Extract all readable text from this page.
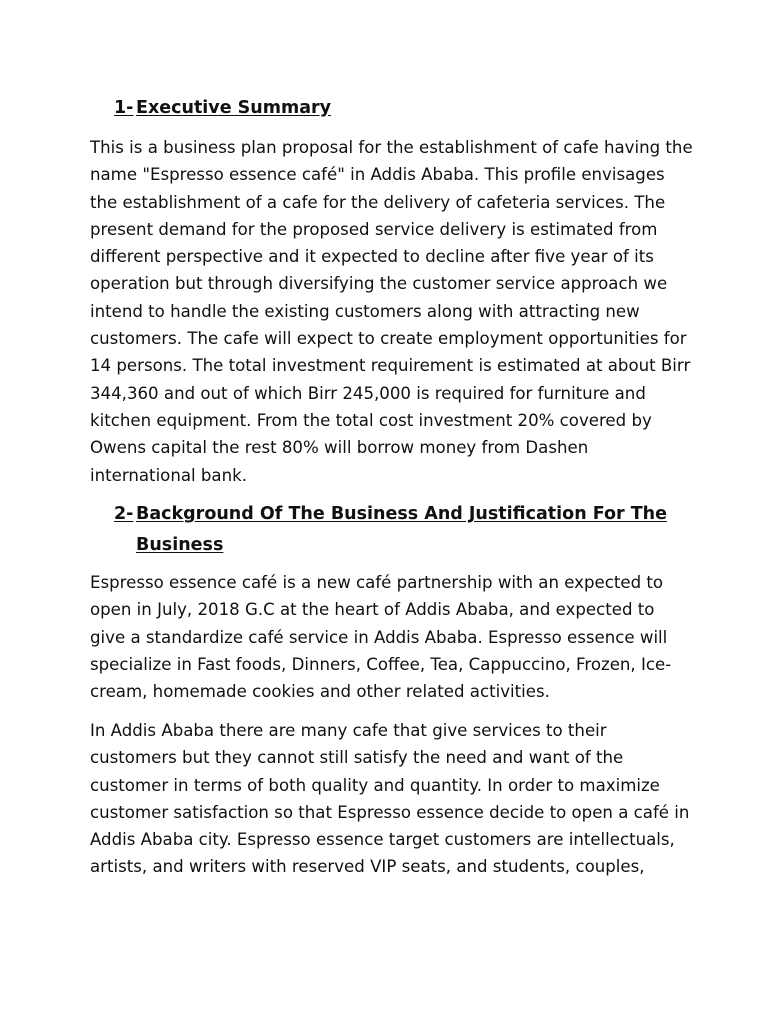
1- Executive Summary
This is a business plan proposal for the establishment of cafe having the
name "Espresso essence café" in Addis Ababa. This profile envisages
the establishment of a cafe for the delivery of cafeteria services. The
present demand for the proposed service delivery is estimated from
different perspective and it expected to decline after five year of its
operation but through diversifying the customer service approach we
intend to handle the existing customers along with attracting new
customers. The cafe will expect to create employment opportunities for
14 persons. The total investment requirement is estimated at about Birr
344,360 and out of which Birr 245,000 is required for furniture and
kitchen equipment. From the total cost investment 20% covered by
Owens capital the rest 80% will borrow money from Dashen
international bank.
2- Background Of The Business And Justification For The
Business
Espresso essence café is a new café partnership with an expected to
open in July, 2018 G.C at the heart of Addis Ababa, and expected to
give a standardize café service in Addis Ababa. Espresso essence will
specialize in Fast foods, Dinners, Coffee, Tea, Cappuccino, Frozen, Ice-
cream, homemade cookies and other related activities.
In Addis Ababa there are many cafe that give services to their
customers but they cannot still satisfy the need and want of the
customer in terms of both quality and quantity. In order to maximize
customer satisfaction so that Espresso essence decide to open a café in
Addis Ababa city. Espresso essence target customers are intellectuals,
artists, and writers with reserved VIP seats, and students, couples,
